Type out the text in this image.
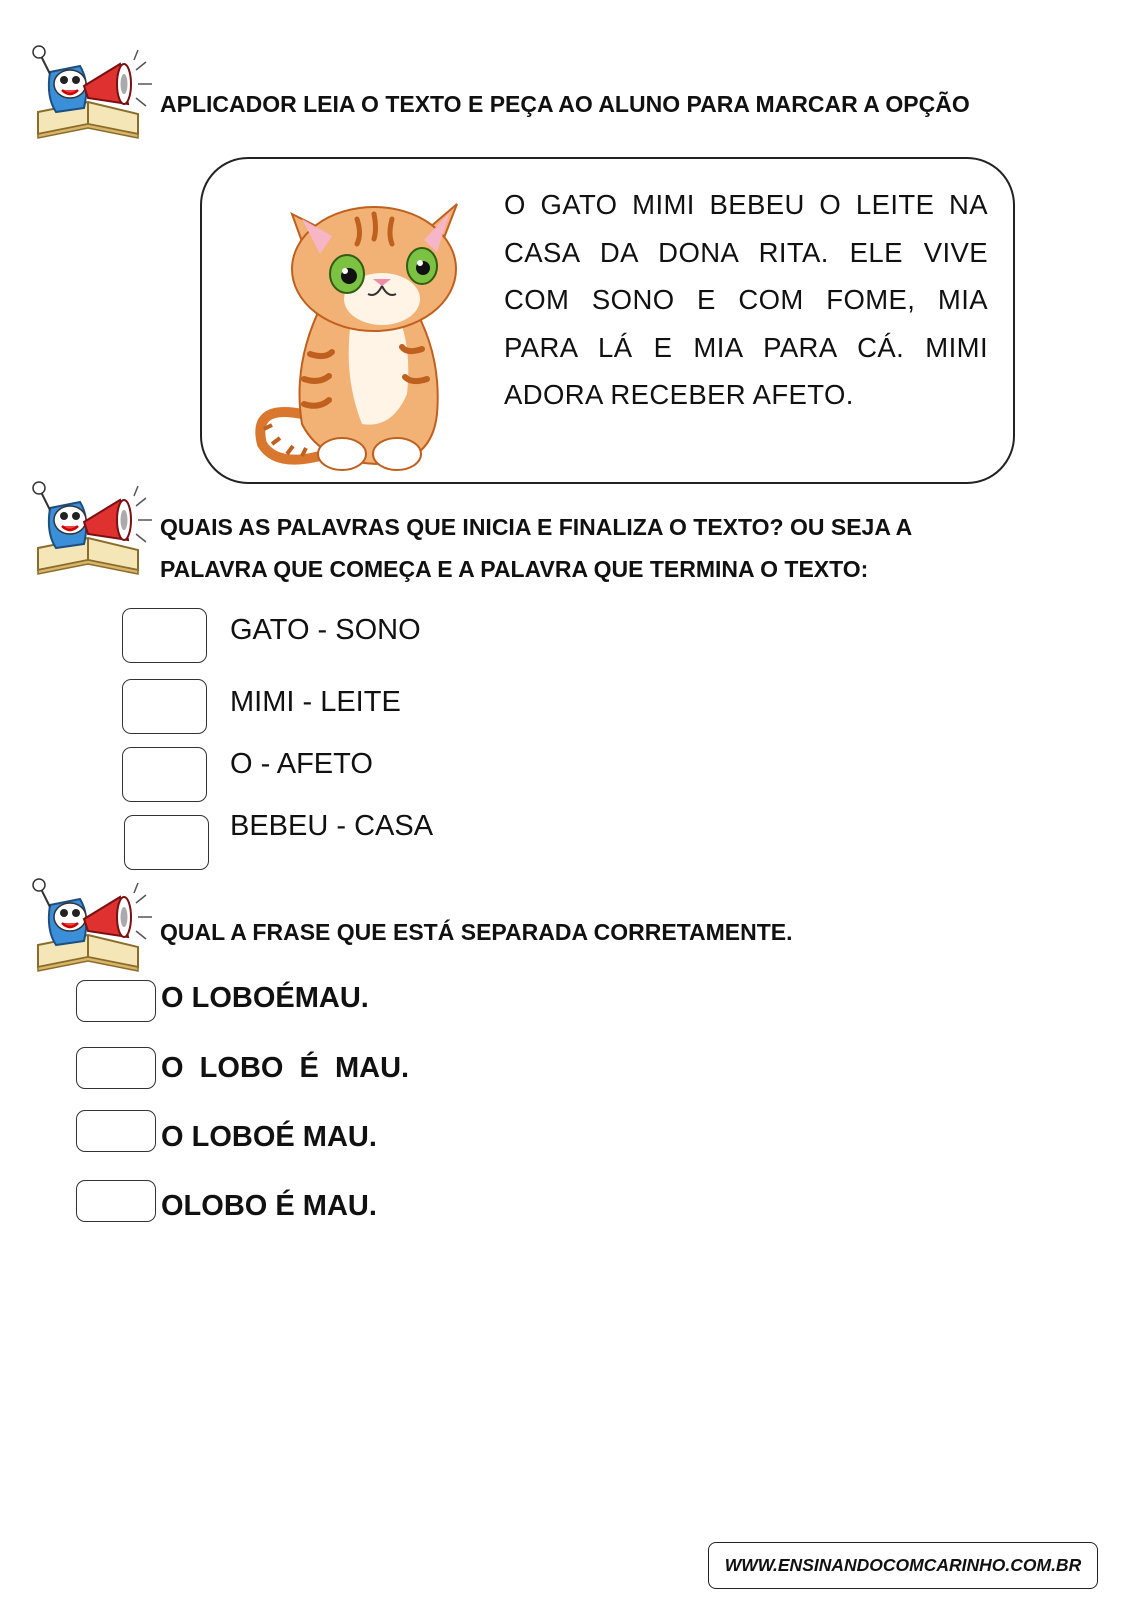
APLICADOR LEIA O TEXTO E PEÇA AO ALUNO PARA MARCAR A OPÇÃO
O GATO MIMI BEBEU O LEITE NA
CASA DA DONA RITA. ELE VIVE
COM SONO E COM FOME, MIA
PARA LÁ E MIA PARA CÁ. MIMI
ADORA RECEBER AFETO.
QUAIS AS PALAVRAS QUE INICIA E FINALIZA O TEXTO? OU SEJA A
PALAVRA QUE COMEÇA E A PALAVRA QUE TERMINA O TEXTO:
GATO - SONO
MIMI - LEITE
O - AFETO
BEBEU - CASA
QUAL A FRASE QUE ESTÁ SEPARADA CORRETAMENTE.
O LOBOÉMAU.
O  LOBO  É  MAU.
O LOBOÉ MAU.
OLOBO É MAU.
WWW.ENSINANDOCOMCARINHO.COM.BR
